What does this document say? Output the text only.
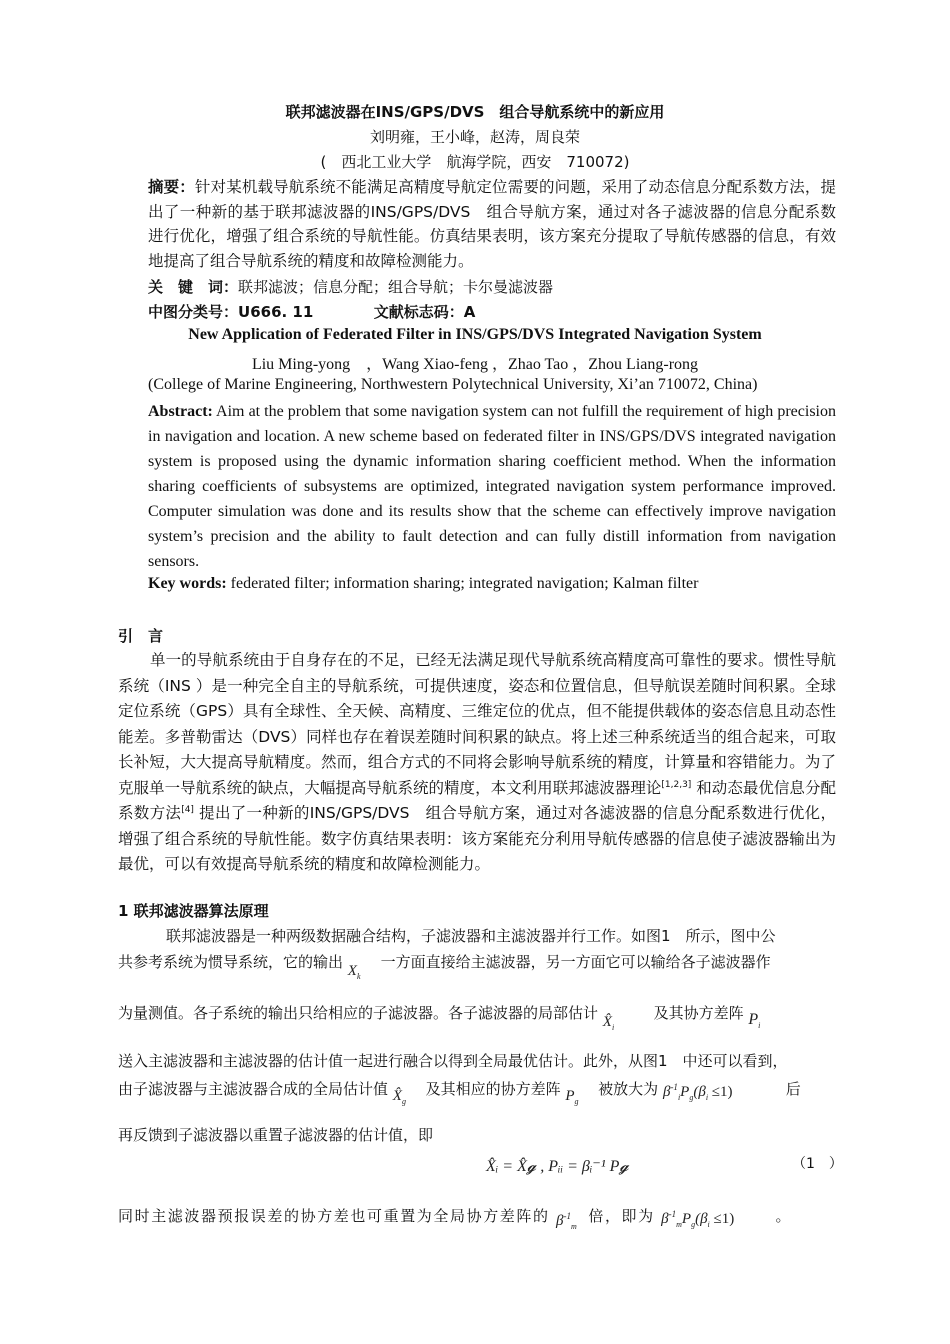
联邦滤波器在INS/GPS/DVS　组合导航系统中的新应用
刘明雍，王小峰，赵涛，周良荣
(　西北工业大学　航海学院，西安　710072)
摘要：针对某机载导航系统不能满足高精度导航定位需要的问题，采用了动态信息分配系数方法，提出了一种新的基于联邦滤波器的INS/GPS/DVS　组合导航方案，通过对各子滤波器的信息分配系数进行优化，增强了组合系统的导航性能。仿真结果表明，该方案充分提取了导航传感器的信息，有效地提高了组合导航系统的精度和故障检测能力。
关　键　词：联邦滤波；信息分配；组合导航；卡尔曼滤波器
中图分类号：U666. 11	文献标志码：A
New Application of Federated Filter in INS/GPS/DVS Integrated Navigation System
Liu Ming-yong　，Wang Xiao-feng ，Zhao Tao ，Zhou Liang-rong
(College of Marine Engineering, Northwestern Polytechnical University, Xi’an 710072, China)
Abstract: Aim at the problem that some navigation system can not fulfill the requirement of high precision in navigation and location. A new scheme based on federated filter in INS/GPS/DVS integrated navigation system is proposed using the dynamic information sharing coefficient method. When the information sharing coefficients of subsystems are optimized, integrated navigation system performance improved. Computer simulation was done and its results show that the scheme can effectively improve navigation system’s precision and the ability to fault detection and can fully distill information from navigation sensors.
Key words: federated filter; information sharing; integrated navigation; Kalman filter
引　言

单一的导航系统由于自身存在的不足，已经无法满足现代导航系统高精度高可靠性的要求。惯性导航系统（INS ）是一种完全自主的导航系统，可提供速度，姿态和位置信息，但导航误差随时间积累。全球定位系统（GPS）具有全球性、全天候、高精度、三维定位的优点，但不能提供载体的姿态信息且动态性能差。多普勒雷达（DVS）同样也存在着误差随时间积累的缺点。将上述三种系统适当的组合起来，可取长补短，大大提高导航精度。然而，组合方式的不同将会影响导航系统的精度，计算量和容错能力。为了克服单一导航系统的缺点，大幅提高导航系统的精度，本文利用联邦滤波器理论[1,2,3] 和动态最优信息分配系数方法[4] 提出了一种新的INS/GPS/DVS　组合导航方案，通过对各滤波器的信息分配系数进行优化，增强了组合系统的导航性能。数字仿真结果表明：该方案能充分利用导航传感器的信息使子滤波器输出为最优，可以有效提高导航系统的精度和故障检测能力。

1 联邦滤波器算法原理
联邦滤波器是一种两级数据融合结构，子滤波器和主滤波器并行工作。如图1　所示，图中公
共参考系统为惯导系统，它的输出 $X_k$ 一方面直接给主滤波器，另一方面它可以输给各子滤波器作
为量测值。各子系统的输出只给相应的子滤波器。各子滤波器的局部估计 $X̂_i$ 及其协方差阵 $P_i$
送入主滤波器和主滤波器的估计值一起进行融合以得到全局最优估计。此外，从图1　中还可以看到，
由子滤波器与主滤波器合成的全局估计值 $X̂_g$ 及其相应的协方差阵 $P_g$ 被放大为 $\beta^{-1}_iP_g(\beta_i \le 1)$	后
再反馈到子滤波器以重置子滤波器的估计值，即
X̂ᵢ = X̂𝓰 , Pᵢᵢ = βᵢ⁻¹ P𝓰	（1　）
同时主滤波器预报误差的协方差也可重置为全局协方差阵的 $\beta^{-1}_m$ 倍，即为 $\beta^{-1}_mP_g(\beta_i \le 1)$	。
